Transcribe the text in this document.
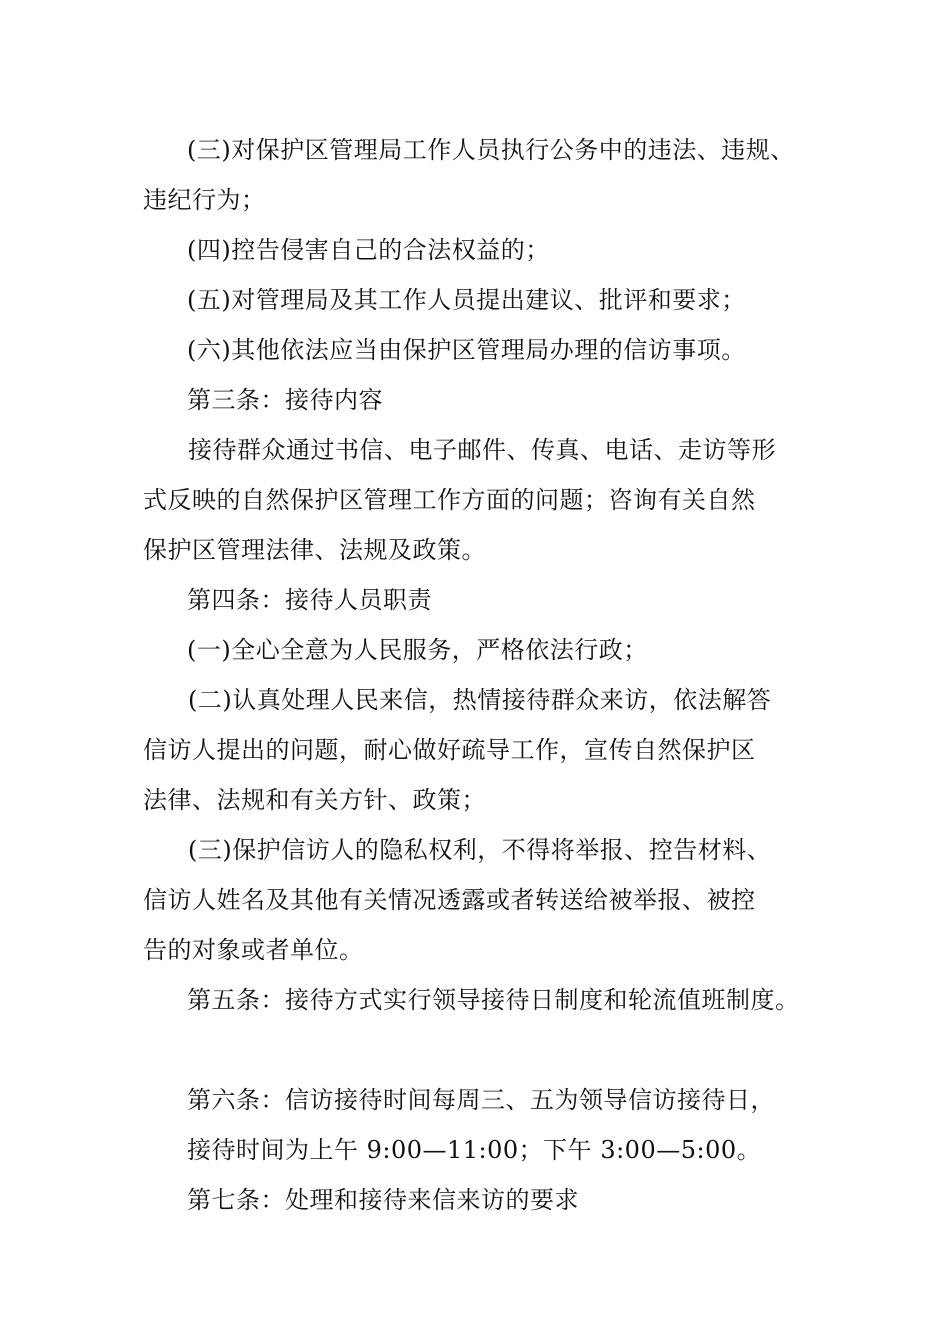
(三)对保护区管理局工作人员执行公务中的违法、违规、
违纪行为；
(四)控告侵害自己的合法权益的；
(五)对管理局及其工作人员提出建议、批评和要求；
(六)其他依法应当由保护区管理局办理的信访事项。
第三条：接待内容
接待群众通过书信、电子邮件、传真、电话、走访等形
式反映的自然保护区管理工作方面的问题；咨询有关自然
保护区管理法律、法规及政策。
第四条：接待人员职责
(一)全心全意为人民服务，严格依法行政；
(二)认真处理人民来信，热情接待群众来访，依法解答
信访人提出的问题，耐心做好疏导工作，宣传自然保护区
法律、法规和有关方针、政策；
(三)保护信访人的隐私权利，不得将举报、控告材料、
信访人姓名及其他有关情况透露或者转送给被举报、被控
告的对象或者单位。
第五条：接待方式实行领导接待日制度和轮流值班制度。
第六条：信访接待时间每周三、五为领导信访接待日，
接待时间为上午 9:00—11:00；下午 3:00—5:00。
第七条：处理和接待来信来访的要求
